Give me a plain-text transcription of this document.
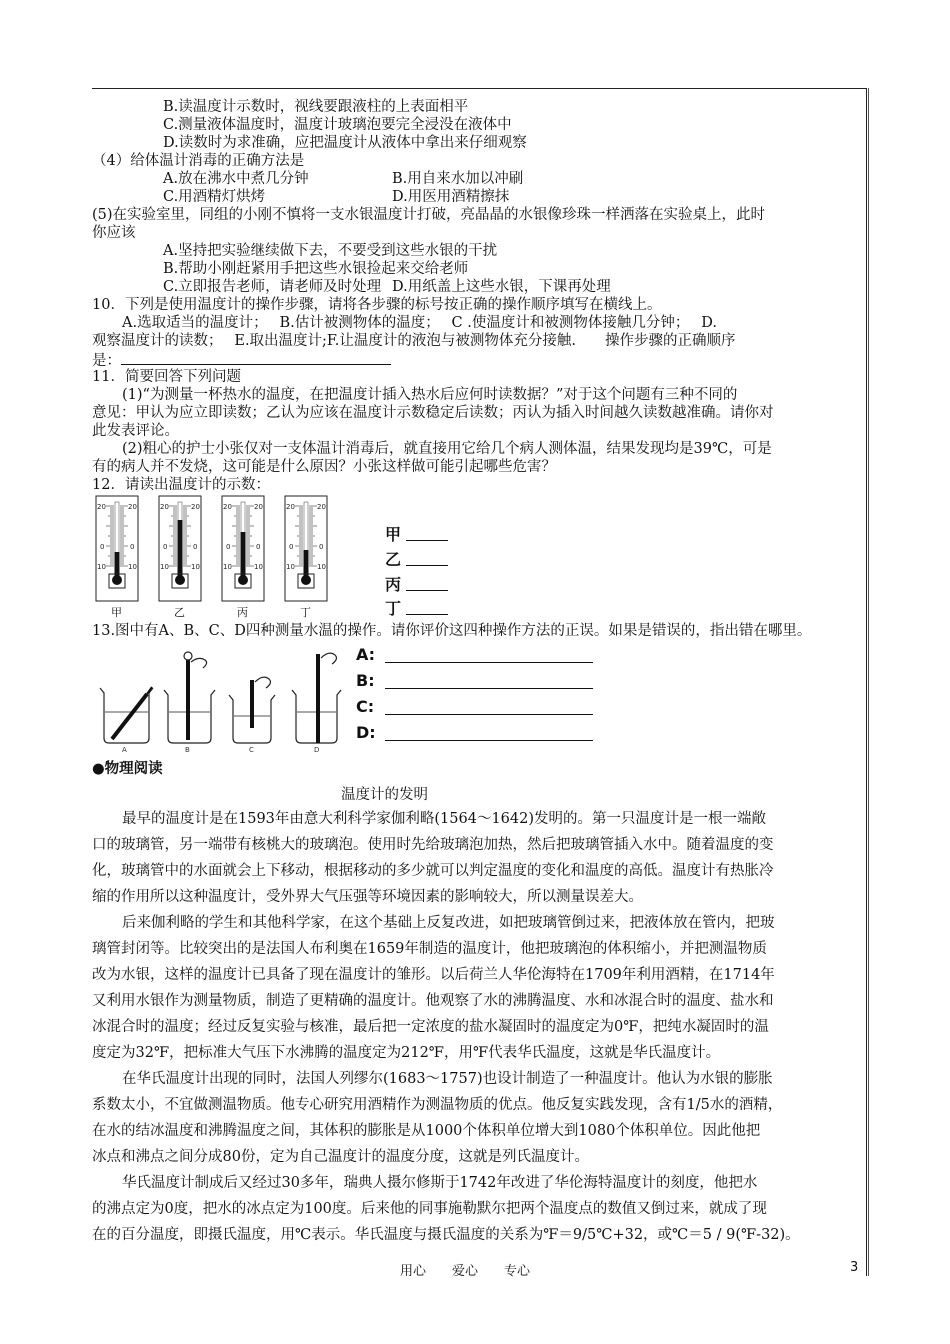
B.读温度计示数时，视线要跟液柱的上表面相平
C.测量液体温度时，温度计玻璃泡要完全浸没在液体中
D.读数时为求准确，应把温度计从液体中拿出来仔细观察
（4）给体温计消毒的正确方法是
A.放在沸水中煮几分钟	B.用自来水加以冲刷
C.用酒精灯烘烤	D.用医用酒精擦抹
(5)在实验室里，同组的小刚不慎将一支水银温度计打破，亮晶晶的水银像珍珠一样洒落在实验桌上，此时
你应该
A.坚持把实验继续做下去，不要受到这些水银的干扰
B.帮助小刚赶紧用手把这些水银捡起来交给老师
C.立即报告老师，请老师及时处理 D.用纸盖上这些水银，下课再处理
10．下列是使用温度计的操作步骤，请将各步骤的标号按正确的操作顺序填写在横线上。
A.选取适当的温度计；　 B.估计被测物体的温度；　 C .使温度计和被测物体接触几分钟；　 D.
观察温度计的读数；　 E.取出温度计;F.让温度计的液泡与被测物体充分接触.　　操作步骤的正确顺序
是：
11．简要回答下列问题
(1)“为测量一杯热水的温度，在把温度计插入热水后应何时读数据？”对于这个问题有三种不同的
意见：甲认为应立即读数；乙认为应该在温度计示数稳定后读数；丙认为插入时间越久读数越准确。请你对
此发表评论。
(2)粗心的护士小张仅对一支体温计消毒后，就直接用它给几个病人测体温，结果发现均是39℃，可是
有的病人并不发烧，这可能是什么原因？小张这样做可能引起哪些危害？
12．请读出温度计的示数：
20	20
0	0
10	10
甲
20	20
0	0
10	10
乙
20	20
0	0
10	10
丙
20	20
0	0
10	10
丁
甲
乙
丙
丁
13.图中有A、B、C、D四种测量水温的操作。请你评价这四种操作方法的正误。如果是错误的，指出错在哪里。
A	B	C	D
A:
B:
C:
D:
●物理阅读
温度计的发明
最早的温度计是在1593年由意大利科学家伽利略(1564～1642)发明的。第一只温度计是一根一端敞
口的玻璃管，另一端带有核桃大的玻璃泡。使用时先给玻璃泡加热，然后把玻璃管插入水中。随着温度的变
化，玻璃管中的水面就会上下移动，根据移动的多少就可以判定温度的变化和温度的高低。温度计有热胀冷
缩的作用所以这种温度计，受外界大气压强等环境因素的影响较大，所以测量误差大。
后来伽利略的学生和其他科学家，在这个基础上反复改进，如把玻璃管倒过来，把液体放在管内，把玻
璃管封闭等。比较突出的是法国人布利奥在1659年制造的温度计，他把玻璃泡的体积缩小，并把测温物质
改为水银，这样的温度计已具备了现在温度计的雏形。以后荷兰人华伦海特在1709年利用酒精，在1714年
又利用水银作为测量物质，制造了更精确的温度计。他观察了水的沸腾温度、水和冰混合时的温度、盐水和
冰混合时的温度；经过反复实验与核准，最后把一定浓度的盐水凝固时的温度定为0℉，把纯水凝固时的温
度定为32℉，把标准大气压下水沸腾的温度定为212℉，用℉代表华氏温度，这就是华氏温度计。
在华氏温度计出现的同时，法国人列缪尔(1683～1757)也设计制造了一种温度计。他认为水银的膨胀
系数太小，不宜做测温物质。他专心研究用酒精作为测温物质的优点。他反复实践发现，含有1/5水的酒精，
在水的结冰温度和沸腾温度之间，其体积的膨胀是从1000个体积单位增大到1080个体积单位。因此他把
冰点和沸点之间分成80份，定为自己温度计的温度分度，这就是列氏温度计。
华氏温度计制成后又经过30多年，瑞典人摄尔修斯于1742年改进了华伦海特温度计的刻度，他把水
的沸点定为0度，把水的冰点定为100度。后来他的同事施勒默尔把两个温度点的数值又倒过来，就成了现
在的百分温度，即摄氏温度，用℃表示。华氏温度与摄氏温度的关系为℉＝9/5℃+32，或℃＝5 / 9(℉-32)。
用心　　爱心　　专心	3
